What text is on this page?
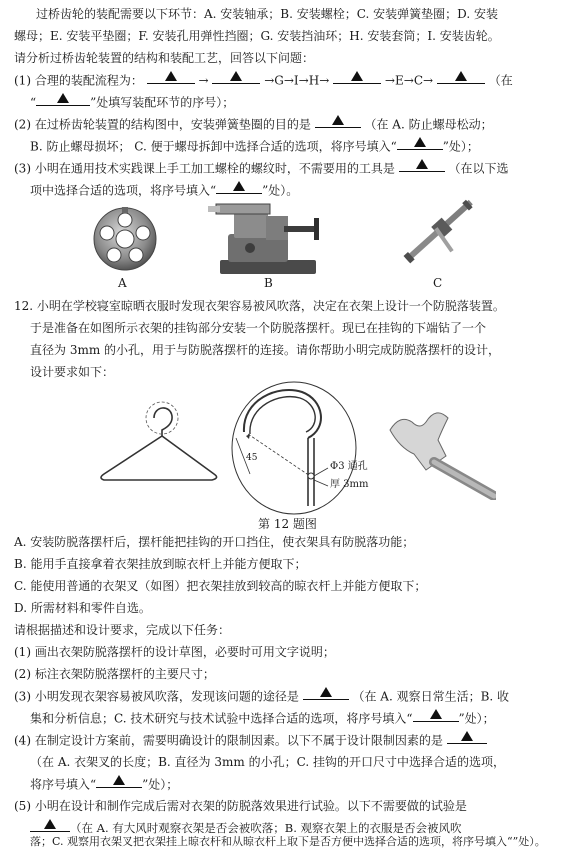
过桥齿轮的装配需要以下环节：A. 安装轴承；B. 安装螺栓；C. 安装弹簧垫圈；D. 安装
螺母；E. 安装平垫圈；F. 安装孔用弹性挡圈；G. 安装挡油环；H. 安装套筒；I. 安装齿轮。
请分析过桥齿轮装置的结构和装配工艺，回答以下问题：
(1) 合理的装配流程为：	→	→G→I→H→	→E→C→	（在
“	”处填写装配环节的序号）；
(2) 在过桥齿轮装置的结构图中，安装弹簧垫圈的目的是	（在 A. 防止螺母松动；
B. 防止螺母损坏； C. 便于螺母拆卸中选择合适的选项，将序号填入“	”处）；
(3) 小明在通用技术实践课上手工加工螺栓的螺纹时，不需要用的工具是	（在以下选
项中选择合适的选项，将序号填入“	”处）。
A	B	C
12. 小明在学校寝室晾晒衣服时发现衣架容易被风吹落，决定在衣架上设计一个防脱落装置。
于是准备在如图所示衣架的挂钩部分安装一个防脱落摆杆。现已在挂钩的下端钻了一个
直径为 3mm 的小孔，用于与防脱落摆杆的连接。请你帮助小明完成防脱落摆杆的设计，
设计要求如下：
45
Φ3 通孔
厚 3mm
第 12 题图
A. 安装防脱落摆杆后，摆杆能把挂钩的开口挡住，使衣架具有防脱落功能；
B. 能用手直接拿着衣架挂放到晾衣杆上并能方便取下；
C. 能使用普通的衣架叉（如图）把衣架挂放到较高的晾衣杆上并能方便取下；
D. 所需材料和零件自选。
请根据描述和设计要求，完成以下任务：
(1) 画出衣架防脱落摆杆的设计草图，必要时可用文字说明；
(2) 标注衣架防脱落摆杆的主要尺寸；
(3) 小明发现衣架容易被风吹落，发现该问题的途径是	（在 A. 观察日常生活；B. 收
集和分析信息；C. 技术研究与技术试验中选择合适的选项，将序号填入“	”处）；
(4) 在制定设计方案前，需要明确设计的限制因素。以下不属于设计限制因素的是
（在 A. 衣架叉的长度；B. 直径为 3mm 的小孔；C. 挂钩的开口尺寸中选择合适的选项，
将序号填入“	”处）；
(5) 小明在设计和制作完成后需对衣架的防脱落效果进行试验。以下不需要做的试验是
（在 A. 有大风时观察衣架是否会被吹落；B. 观察衣架上的衣服是否会被风吹
落；C. 观察用衣架叉把衣架挂上晾衣杆和从晾衣杆上取下是否方便中选择合适的选项，将序号填入“”处）。
